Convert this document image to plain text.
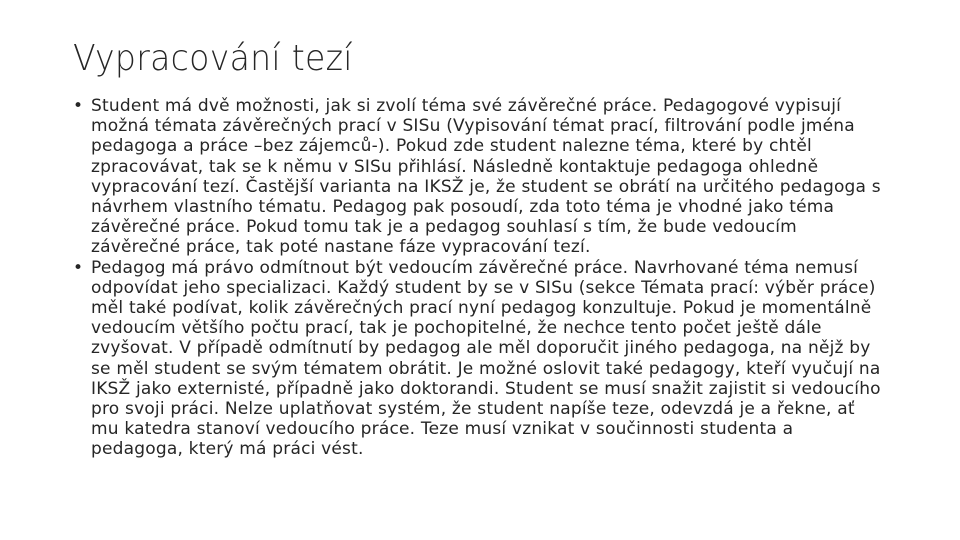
Vypracování tezí
• Student má dvě možnosti, jak si zvolí téma své závěrečné práce. Pedagogové vypisují možná témata závěrečných prací v SISu (Vypisování témat prací, filtrování podle jména pedagoga a práce –bez zájemců-). Pokud zde student nalezne téma, které by chtěl zpracovávat, tak se k němu v SISu přihlásí. Následně kontaktuje pedagoga ohledně vypracování tezí. Častější varianta na IKSŽ je, že student se obrátí na určitého pedagoga s návrhem vlastního tématu. Pedagog pak posoudí, zda toto téma je vhodné jako téma závěrečné práce. Pokud tomu tak je a pedagog souhlasí s tím, že bude vedoucím závěrečné práce, tak poté nastane fáze vypracování tezí.
• Pedagog má právo odmítnout být vedoucím závěrečné práce. Navrhované téma nemusí odpovídat jeho specializaci. Každý student by se v SISu (sekce Témata prací: výběr práce) měl také podívat, kolik závěrečných prací nyní pedagog konzultuje. Pokud je momentálně vedoucím většího počtu prací, tak je pochopitelné, že nechce tento počet ještě dále zvyšovat. V případě odmítnutí by pedagog ale měl doporučit jiného pedagoga, na nějž by se měl student se svým tématem obrátit. Je možné oslovit také pedagogy, kteří vyučují na IKSŽ jako externisté, případně jako doktorandi. Student se musí snažit zajistit si vedoucího pro svoji práci. Nelze uplatňovat systém, že student napíše teze, odevzdá je a řekne, ať mu katedra stanoví vedoucího práce. Teze musí vznikat v součinnosti studenta a pedagoga, který má práci vést.
